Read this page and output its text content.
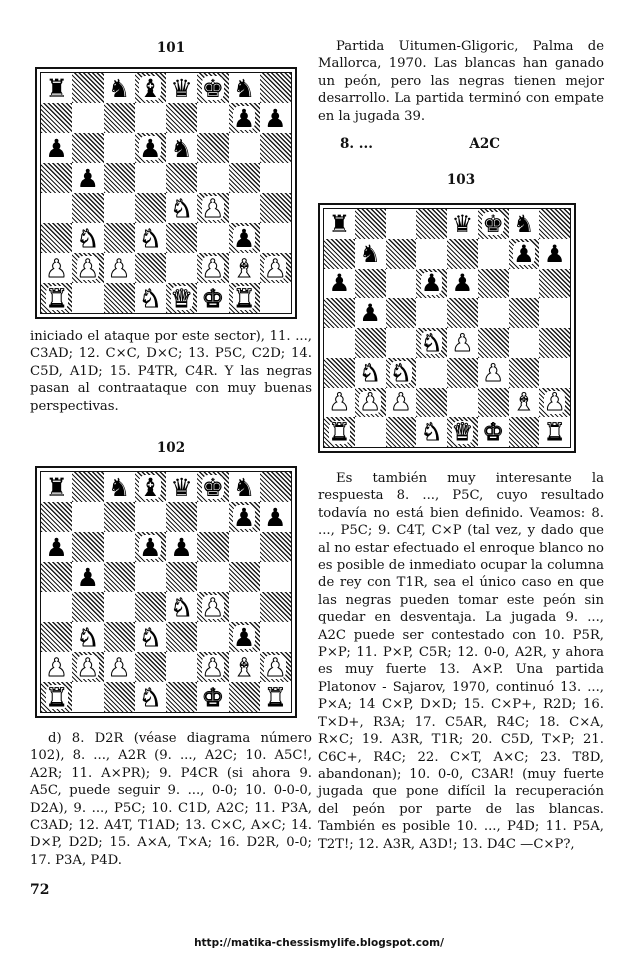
101
♜ ♞ ♝ ♛ ♚ ♞
♟ ♟
♟	♟ ♞
♟
♞ ♟
♞ ♞	♟
♟ ♟ ♟	♟ ♝ ♟
♜	♞ ♛ ♚ ♜
iniciado el ataque por este sector), 11. ..., C3AD; 12. C×C, D×C; 13. P5C, C2D; 14. C5D, A1D; 15. P4TR, C4R. Y las negras pasan al contraataque con muy buenas perspectivas.
102
♜ ♞ ♝ ♛ ♚ ♞
♟ ♟
♟	♟ ♟
♟
♞ ♟
♞ ♞	♟
♟ ♟ ♟	♟ ♝ ♟
♜	♞ ♚ ♜
d) 8. D2R (véase diagrama número 102), 8. ..., A2R (9. ..., A2C; 10. A5C!, A2R; 11. A×PR); 9. P4CR (si ahora 9. A5C, puede seguir 9. ..., 0-0; 10. 0-0-0, D2A), 9. ..., P5C; 10. C1D, A2C; 11. P3A, C3AD; 12. A4T, T1AD; 13. C×C, A×C; 14. D×P, D2D; 15. A×A, T×A; 16. D2R, 0-0; 17. P3A, P4D.
Partida Uitumen-Gligoric, Palma de Mallorca, 1970. Las blancas han ganado un peón, pero las negras tienen mejor desarrollo. La partida terminó con empate en la jugada 39.
8. ...	A2C
103
♜	♛ ♚ ♞
♞	♟ ♟
♟	♟ ♟
♟
♞ ♟
♞ ♞	♟
♟ ♟ ♟	♝ ♟
♜	♞ ♛ ♚ ♜
Es también muy interesante la respuesta 8. ..., P5C, cuyo resultado todavía no está bien definido. Veamos: 8. ..., P5C; 9. C4T, C×P (tal vez, y dado que al no estar efectuado el enroque blanco no es posible de inmediato ocupar la columna de rey con T1R, sea el único caso en que las negras pueden tomar este peón sin quedar en desventaja. La jugada 9. ..., A2C puede ser contestado con 10. P5R, P×P; 11. P×P, C5R; 12. 0-0, A2R, y ahora es muy fuerte 13. A×P. Una partida Platonov - Sajarov, 1970, continuó 13. ..., P×A; 14 C×P, D×D; 15. C×P+, R2D; 16. T×D+, R3A; 17. C5AR, R4C; 18. C×A, R×C; 19. A3R, T1R; 20. C5D, T×P; 21. C6C+, R4C; 22. C×T, A×C; 23. T8D, abandonan); 10. 0-0, C3AR! (muy fuerte jugada que pone difícil la recuperación del peón por parte de las blancas. También es posible 10. ..., P4D; 11. P5A, T2T!; 12. A3R, A3D!; 13. D4C —C×P?,
72
http://matika-chessismylife.blogspot.com/
